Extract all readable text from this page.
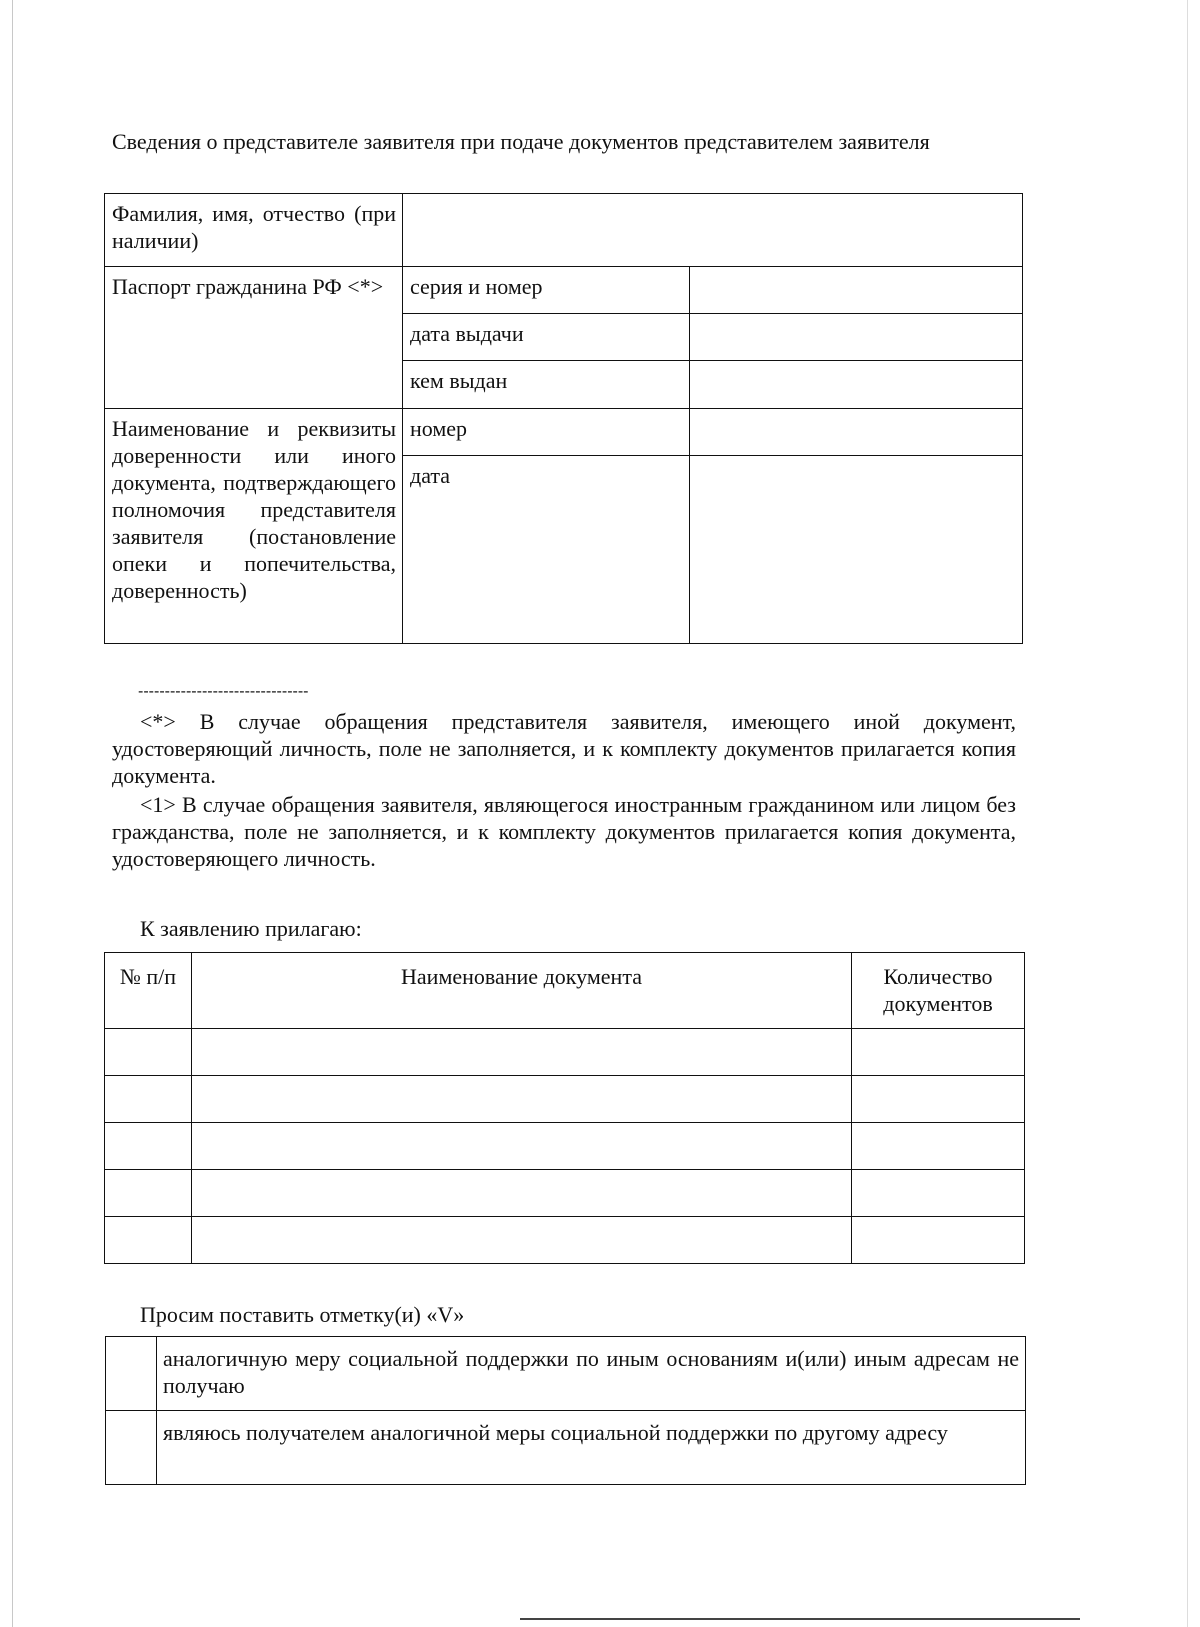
Сведения о представителе заявителя при подаче документов представителем заявителя
Фамилия, имя, отчество (при наличии)		
Паспорт гражданина РФ <*>	серия и номер	
	дата выдачи	
	кем выдан	
Наименование и реквизиты доверенности или иного документа, подтверждающего полномочия представителя заявителя (постановление опеки и попечительства, доверенность)	номер	
	дата	
--------------------------------
<*> В случае обращения представителя заявителя, имеющего иной документ, удостоверяющий личность, поле не заполняется, и к комплекту документов прилагается копия документа.
<1> В случае обращения заявителя, являющегося иностранным гражданином или лицом без гражданства, поле не заполняется, и к комплекту документов прилагается копия документа, удостоверяющего личность.
К заявлению прилагаю:
№ п/п	Наименование документа	Количество документов

Просим поставить отметку(и) «V»
	аналогичную меру социальной поддержки по иным основаниям и(или) иным адресам не получаю
	являюсь получателем аналогичной меры социальной поддержки по другому адресу
